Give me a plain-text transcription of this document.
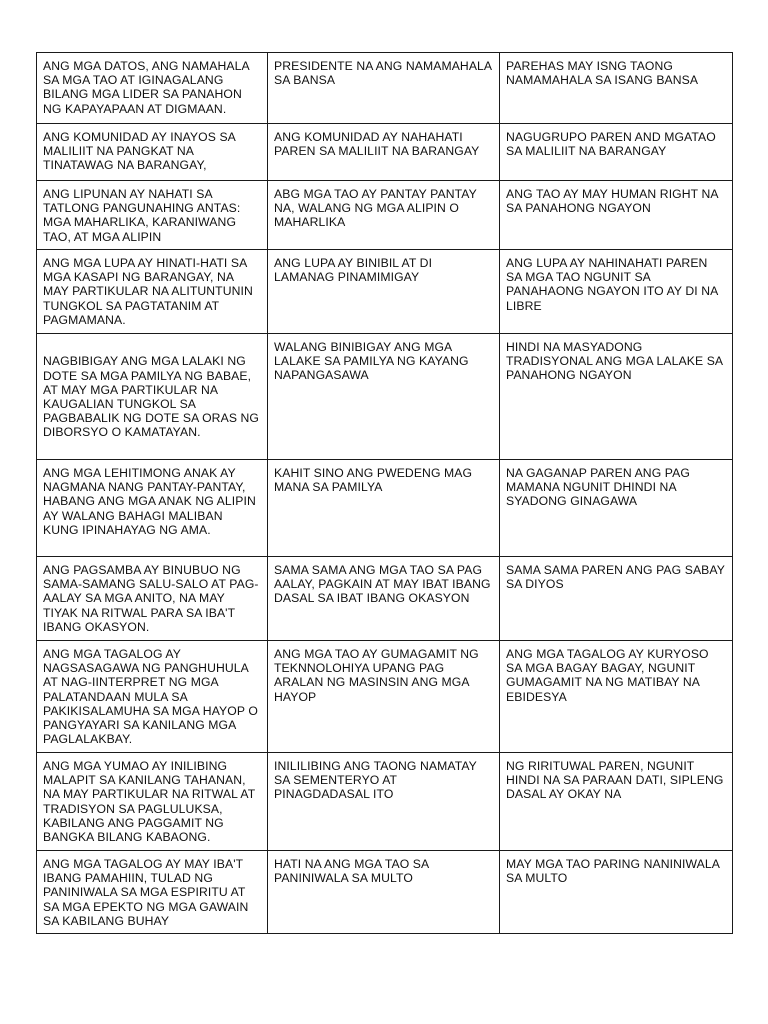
ANG MGA DATOS, ANG NAMAHALA SA MGA TAO AT IGINAGALANG BILANG MGA LIDER SA PANAHON NG KAPAYAPAAN AT DIGMAAN.	PRESIDENTE NA ANG NAMAMAHALA SA BANSA	PAREHAS MAY ISNG TAONG NAMAMAHALA SA ISANG BANSA
ANG KOMUNIDAD AY INAYOS SA MALILIIT NA PANGKAT NA TINATAWAG NA BARANGAY,	ANG KOMUNIDAD AY NAHAHATI PAREN SA MALILIIT NA BARANGAY	NAGUGRUPO PAREN AND MGATAO SA MALILIIT NA BARANGAY
ANG LIPUNAN AY NAHATI SA TATLONG PANGUNAHING ANTAS: MGA MAHARLIKA, KARANIWANG TAO, AT MGA ALIPIN	ABG MGA TAO AY PANTAY PANTAY NA, WALANG NG MGA ALIPIN O MAHARLIKA	ANG TAO AY MAY HUMAN RIGHT NA SA PANAHONG NGAYON
ANG MGA LUPA AY HINATI-HATI SA MGA KASAPI NG BARANGAY, NA MAY PARTIKULAR NA ALITUNTUNIN TUNGKOL SA PAGTATANIM AT PAGMAMANA.	ANG LUPA AY BINIBIL AT DI LAMANAG PINAMIMIGAY	ANG LUPA AY NAHINAHATI PAREN SA MGA TAO NGUNIT SA PANAHAONG NGAYON ITO AY DI NA LIBRE
NAGBIBIGAY ANG MGA LALAKI NG DOTE SA MGA PAMILYA NG BABAE, AT MAY MGA PARTIKULAR NA KAUGALIAN TUNGKOL SA PAGBABALIK NG DOTE SA ORAS NG DIBORSYO O KAMATAYAN.	WALANG BINIBIGAY ANG MGA LALAKE SA PAMILYA NG KAYANG NAPANGASAWA	HINDI NA MASYADONG TRADISYONAL ANG MGA LALAKE SA PANAHONG NGAYON
ANG MGA LEHITIMONG ANAK AY NAGMANA NANG PANTAY-PANTAY, HABANG ANG MGA ANAK NG ALIPIN AY WALANG BAHAGI MALIBAN KUNG IPINAHAYAG NG AMA.	KAHIT SINO ANG PWEDENG MAG MANA SA PAMILYA	NA GAGANAP PAREN ANG PAG MAMANA NGUNIT DHINDI NA SYADONG GINAGAWA
ANG PAGSAMBA AY BINUBUO NG SAMA-SAMANG SALU-SALO AT PAG-AALAY SA MGA ANITO, NA MAY TIYAK NA RITWAL PARA SA IBA'T IBANG OKASYON.	SAMA SAMA ANG MGA TAO SA PAG AALAY, PAGKAIN AT MAY IBAT IBANG DASAL SA IBAT IBANG OKASYON	SAMA SAMA PAREN ANG PAG SABAY SA DIYOS
ANG MGA TAGALOG AY NAGSASAGAWA NG PANGHUHULA AT NAG-IINTERPRET NG MGA PALATANDAAN MULA SA PAKIKISALAMUHA SA MGA HAYOP O PANGYAYARI SA KANILANG MGA PAGLALAKBAY.	ANG MGA TAO AY GUMAGAMIT NG TEKNNOLOHIYA UPANG PAG ARALAN NG MASINSIN ANG MGA HAYOP	ANG MGA TAGALOG AY KURYOSO SA MGA BAGAY BAGAY, NGUNIT GUMAGAMIT NA NG MATIBAY NA EBIDESYA
ANG MGA YUMAO AY INILIBING MALAPIT SA KANILANG TAHANAN, NA MAY PARTIKULAR NA RITWAL AT TRADISYON SA PAGLULUKSA, KABILANG ANG PAGGAMIT NG BANGKA BILANG KABAONG.	INILILIBING ANG TAONG NAMATAY SA SEMENTERYO AT PINAGDADASAL ITO	NG RIRITUWAL PAREN, NGUNIT HINDI NA SA PARAAN DATI, SIPLENG DASAL AY OKAY NA
ANG MGA TAGALOG AY MAY IBA'T IBANG PAMAHIIN, TULAD NG PANINIWALA SA MGA ESPIRITU AT SA MGA EPEKTO NG MGA GAWAIN SA KABILANG BUHAY	HATI NA ANG MGA TAO SA PANINIWALA SA MULTO	MAY MGA TAO PARING NANINIWALA SA MULTO
